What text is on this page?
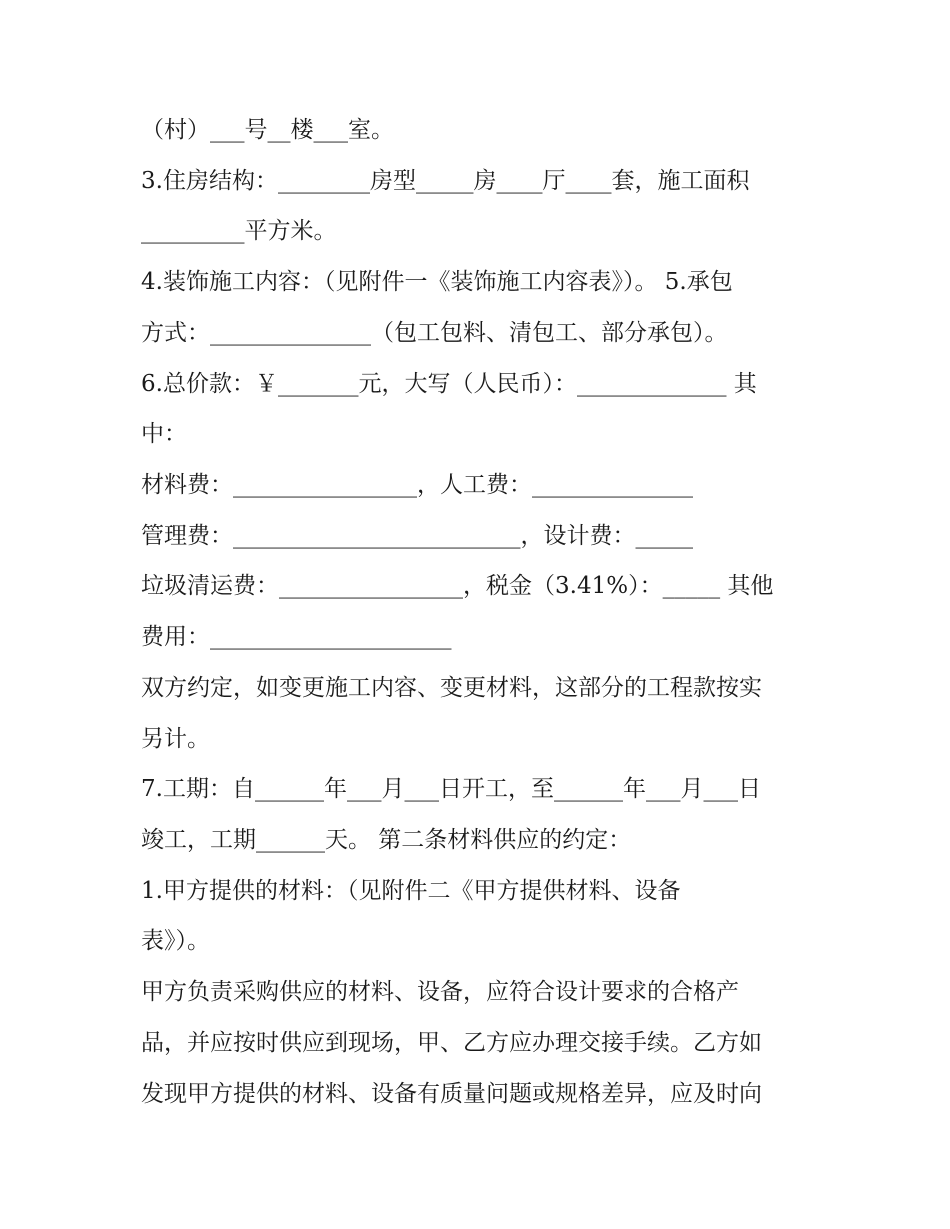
（村）___号__楼___室。
3.住房结构：________房型_____房____厅____套，施工面积
_________平方米。
4.装饰施工内容：（见附件一《装饰施工内容表》）。 5.承包
方式：______________（包工包料、清包工、部分承包）。
6.总价款：￥_______元，大写（人民币）：_____________ 其
中：
材料费：________________，人工费：______________
管理费：_________________________，设计费：_____
垃圾清运费：________________，税金（3.41%）：_____ 其他
费用：_____________________
双方约定，如变更施工内容、变更材料，这部分的工程款按实
另计。
7.工期：自______年___月___日开工，至______年___月___日
竣工，工期______天。 第二条材料供应的约定：
1.甲方提供的材料：（见附件二《甲方提供材料、设备
表》）。
甲方负责采购供应的材料、设备，应符合设计要求的合格产
品，并应按时供应到现场，甲、乙方应办理交接手续。乙方如
发现甲方提供的材料、设备有质量问题或规格差异，应及时向
